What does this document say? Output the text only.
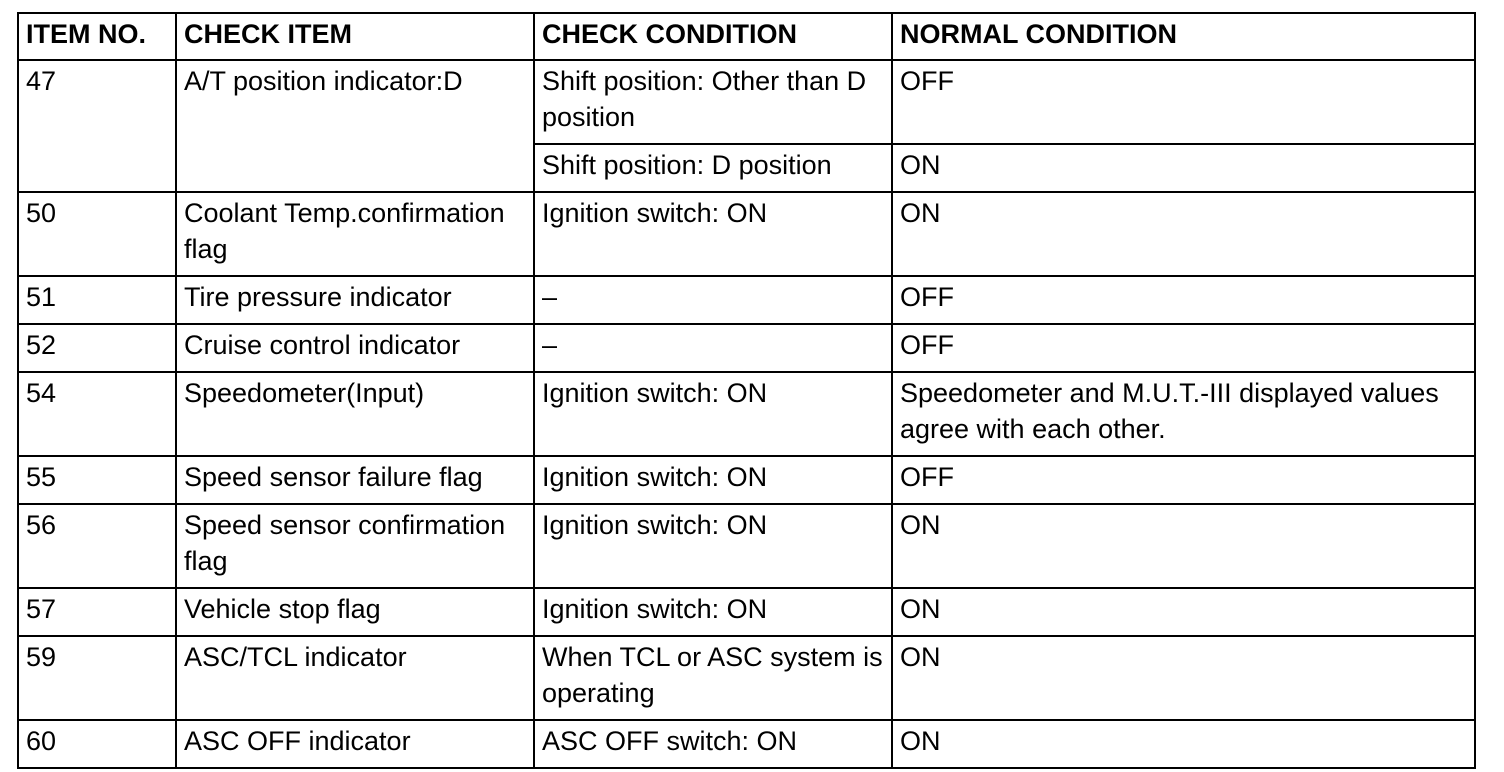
ITEM NO.	CHECK ITEM	CHECK CONDITION	NORMAL CONDITION
47	A/T position indicator:D	Shift position: Other than D position	OFF
		Shift position: D position	ON
50	Coolant Temp.confirmation flag	Ignition switch: ON	ON
51	Tire pressure indicator	–	OFF
52	Cruise control indicator	–	OFF
54	Speedometer(Input)	Ignition switch: ON	Speedometer and M.U.T.-III displayed values agree with each other.
55	Speed sensor failure flag	Ignition switch: ON	OFF
56	Speed sensor confirmation flag	Ignition switch: ON	ON
57	Vehicle stop flag	Ignition switch: ON	ON
59	ASC/TCL indicator	When TCL or ASC system is operating	ON
60	ASC OFF indicator	ASC OFF switch: ON	ON
